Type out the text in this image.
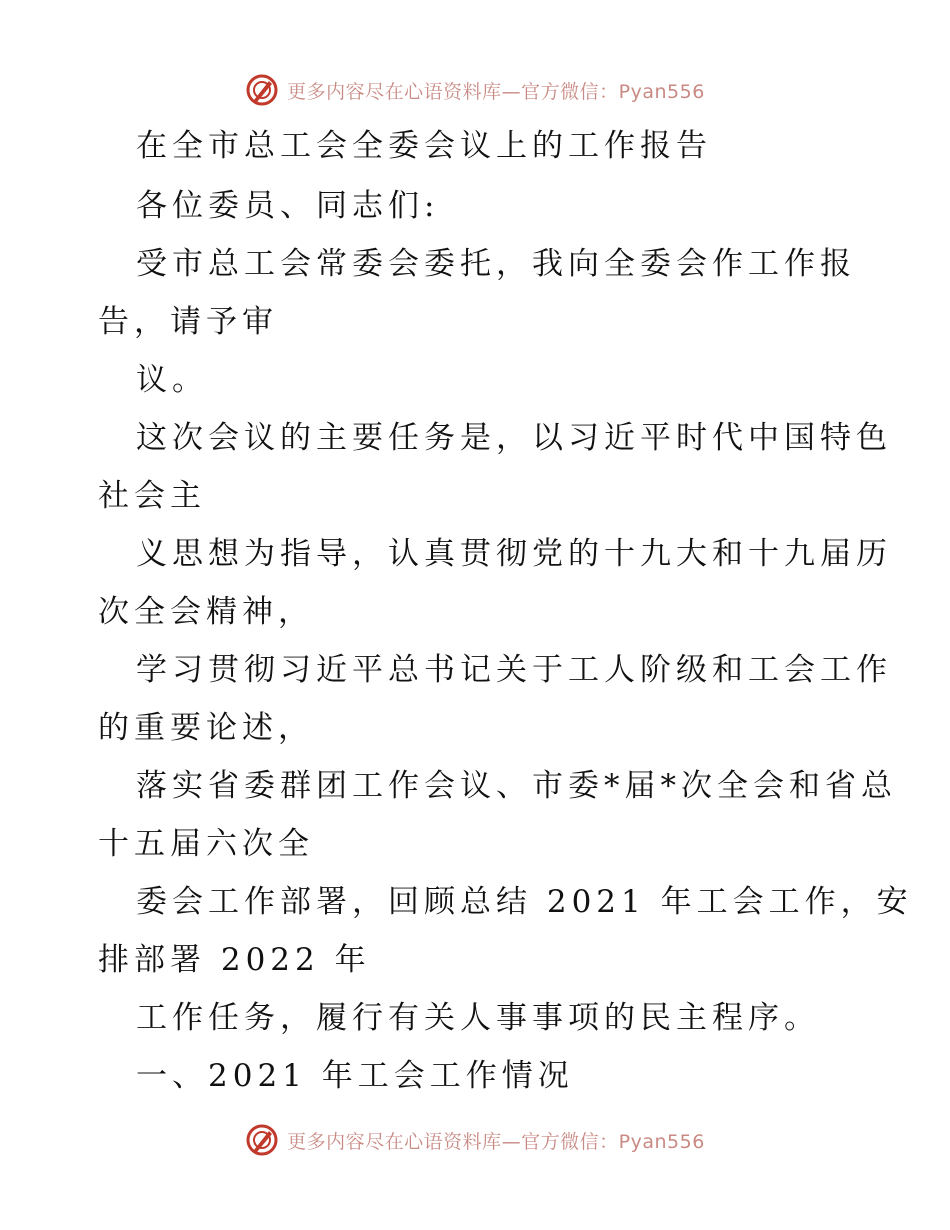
更多内容尽在心语资料库—官方微信：Pyan556
在全市总工会全委会议上的工作报告
各位委员、同志们:
受市总工会常委会委托，我向全委会作工作报
告，请予审
议。
这次会议的主要任务是，以习近平时代中国特色
社会主
义思想为指导，认真贯彻党的十九大和十九届历
次全会精神，
学习贯彻习近平总书记关于工人阶级和工会工作
的重要论述，
落实省委群团工作会议、市委*届*次全会和省总
十五届六次全
委会工作部署，回顾总结 2021 年工会工作，安
排部署 2022 年
工作任务，履行有关人事事项的民主程序。
一、2021 年工会工作情况
更多内容尽在心语资料库—官方微信：Pyan556
